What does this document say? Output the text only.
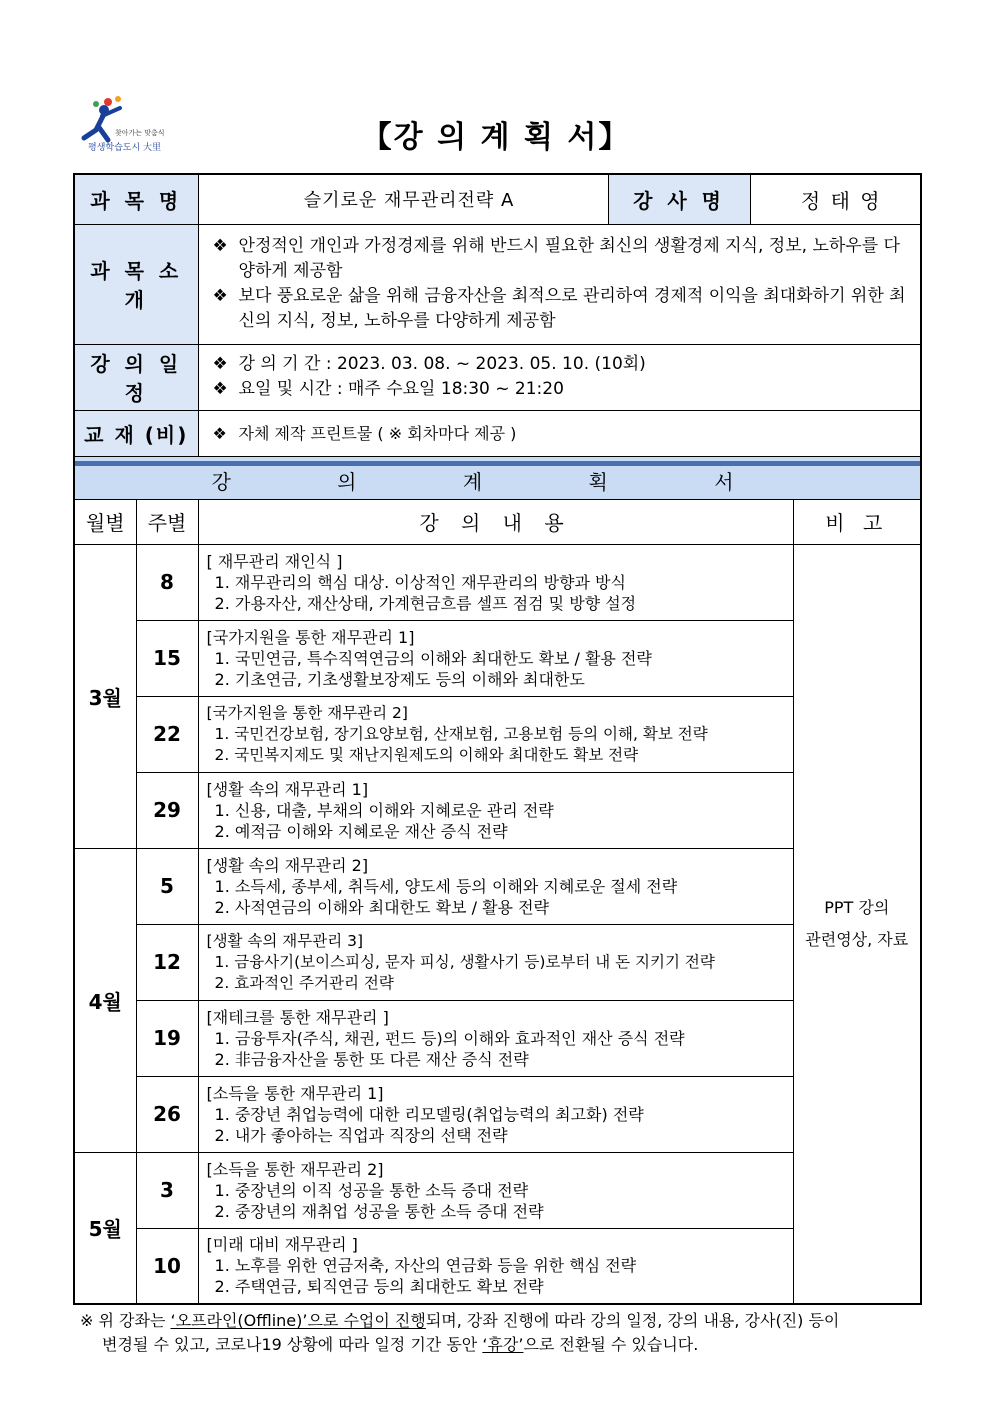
찾아가는 맞춤식
평생학습도시 大里	【강 의 계 획 서】
과 목 명		슬기로운 재무관리전략 A	강 사 명	정 태 영	
과 목 소 개		❖ 안정적인 개인과 가정경제를 위해 반드시 필요한 최신의 생활경제 지식, 정보, 노하우를 다양하게 제공함
❖ 보다 풍요로운 삶을 위해 금융자산을 최적으로 관리하여 경제적 이익을 최대화하기 위한 최신의 지식, 정보, 노하우를 다양하게 제공함			

강 의 일 정		❖ 강 의 기 간 : 2023. 03. 08. ~ 2023. 05. 10. (10회)
❖ 요일 및 시간 : 매주 수요일 18:30 ~ 21:20			

교 재 (비)		❖ 자체 제작 프린트물 ( ※ 회차마다 제공 )			

강 의 계 획 서					
월별	주별	강 의 내 용			비 고
3월	8	[ 재무관리 재인식 ]
1. 재무관리의 핵심 대상. 이상적인 재무관리의 방향과 방식
2. 가용자산, 재산상태, 가계현금흐름 셀프 점검 및 방향 설정			PPT 강의
관련영상, 자료
	15	[국가지원을 통한 재무관리 1]
1. 국민연금, 특수직역연금의 이해와 최대한도 확보 / 활용 전략
2. 기초연금, 기초생활보장제도 등의 이해와 최대한도			

	22	[국가지원을 통한 재무관리 2]
1. 국민건강보험, 장기요양보험, 산재보험, 고용보험 등의 이해, 확보 전략
2. 국민복지제도 및 재난지원제도의 이해와 최대한도 확보 전략			

	29	[생활 속의 재무관리 1]
1. 신용, 대출, 부채의 이해와 지혜로운 관리 전략
2. 예적금 이해와 지혜로운 재산 증식 전략			

4월	5	[생활 속의 재무관리 2]
1. 소득세, 종부세, 취득세, 양도세 등의 이해와 지혜로운 절세 전략
2. 사적연금의 이해와 최대한도 확보 / 활용 전략			

	12	[생활 속의 재무관리 3]
1. 금융사기(보이스피싱, 문자 피싱, 생활사기 등)로부터 내 돈 지키기 전략
2. 효과적인 주거관리 전략			

	19	[재테크를 통한 재무관리 ]
1. 금융투자(주식, 채권, 펀드 등)의 이해와 효과적인 재산 증식 전략
2. 非금융자산을 통한 또 다른 재산 증식 전략			

	26	[소득을 통한 재무관리 1]
1. 중장년 취업능력에 대한 리모델링(취업능력의 최고화) 전략
2. 내가 좋아하는 직업과 직장의 선택 전략			

5월	3	[소득을 통한 재무관리 2]
1. 중장년의 이직 성공을 통한 소득 증대 전략
2. 중장년의 재취업 성공을 통한 소득 증대 전략			

	10	[미래 대비 재무관리 ]
1. 노후를 위한 연금저축, 자산의 연금화 등을 위한 핵심 전략
2. 주택연금, 퇴직연금 등의 최대한도 확보 전략			
※ 위 강좌는 ‘오프라인(Offline)’으로 수업이 진행되며, 강좌 진행에 따라 강의 일정, 강의 내용, 강사(진) 등이
변경될 수 있고, 코로나19 상황에 따라 일정 기간 동안 ‘휴강’으로 전환될 수 있습니다.
